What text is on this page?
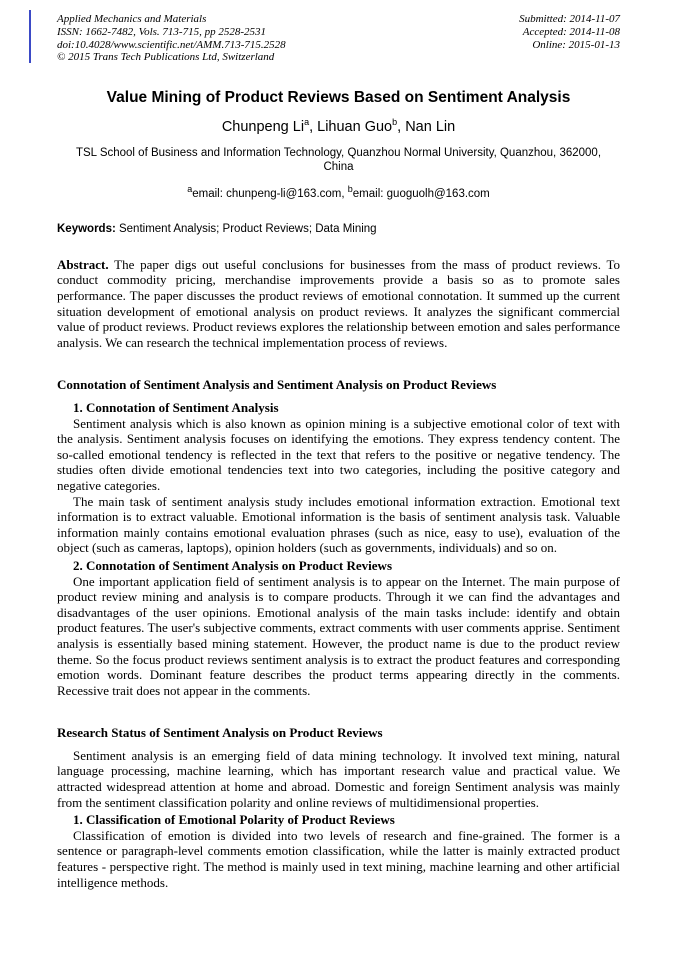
Applied Mechanics and Materials
ISSN: 1662-7482, Vols. 713-715, pp 2528-2531
doi:10.4028/www.scientific.net/AMM.713-715.2528
© 2015 Trans Tech Publications Ltd, Switzerland
Submitted: 2014-11-07
Accepted: 2014-11-08
Online: 2015-01-13
Value Mining of Product Reviews Based on Sentiment Analysis
Chunpeng Li$^a$, Lihuan Guo$^b$, Nan Lin
TSL School of Business and Information Technology, Quanzhou Normal University, Quanzhou, 362000, China
$^a$email: chunpeng-li@163.com, $^b$email: guoguolh@163.com
Keywords: Sentiment Analysis; Product Reviews; Data Mining
Abstract. The paper digs out useful conclusions for businesses from the mass of product reviews. To conduct commodity pricing, merchandise improvements provide a basis so as to promote sales performance. The paper discusses the product reviews of emotional connotation. It summed up the current situation development of emotional analysis on product reviews. It analyzes the significant commercial value of product reviews. Product reviews explores the relationship between emotion and sales performance analysis. We can research the technical implementation process of reviews.
Connotation of Sentiment Analysis and Sentiment Analysis on Product Reviews
1. Connotation of Sentiment Analysis

Sentiment analysis which is also known as opinion mining is a subjective emotional color of text with the analysis. Sentiment analysis focuses on identifying the emotions. They express tendency content. The so-called emotional tendency is reflected in the text that refers to the positive or negative tendency. The studies often divide emotional tendencies text into two categories, including the positive category and negative categories.

The main task of sentiment analysis study includes emotional information extraction. Emotional text information is to extract valuable. Emotional information is the basis of sentiment analysis task. Valuable information mainly contains emotional evaluation phrases (such as nice, easy to use), evaluation of the object (such as cameras, laptops), opinion holders (such as governments, individuals) and so on.

2. Connotation of Sentiment Analysis on Product Reviews

One important application field of sentiment analysis is to appear on the Internet. The main purpose of product review mining and analysis is to compare products. Through it we can find the advantages and disadvantages of the user opinions. Emotional analysis of the main tasks include: identify and obtain product features. The user's subjective comments, extract comments with user comments apprise. Sentiment analysis is essentially based mining statement. However, the product name is due to the product review theme. So the focus product reviews sentiment analysis is to extract the product features and corresponding emotion words. Dominant feature describes the product terms appearing directly in the comments. Recessive trait does not appear in the comments.

Research Status of Sentiment Analysis on Product Reviews

Sentiment analysis is an emerging field of data mining technology. It involved text mining, natural language processing, machine learning, which has important research value and practical value. We attracted widespread attention at home and abroad. Domestic and foreign Sentiment analysis was mainly from the sentiment classification polarity and online reviews of multidimensional properties.

1. Classification of Emotional Polarity of Product Reviews

Classification of emotion is divided into two levels of research and fine-grained. The former is a sentence or paragraph-level comments emotion classification, while the latter is mainly extracted product features - perspective right. The method is mainly used in text mining, machine learning and other artificial intelligence methods.
